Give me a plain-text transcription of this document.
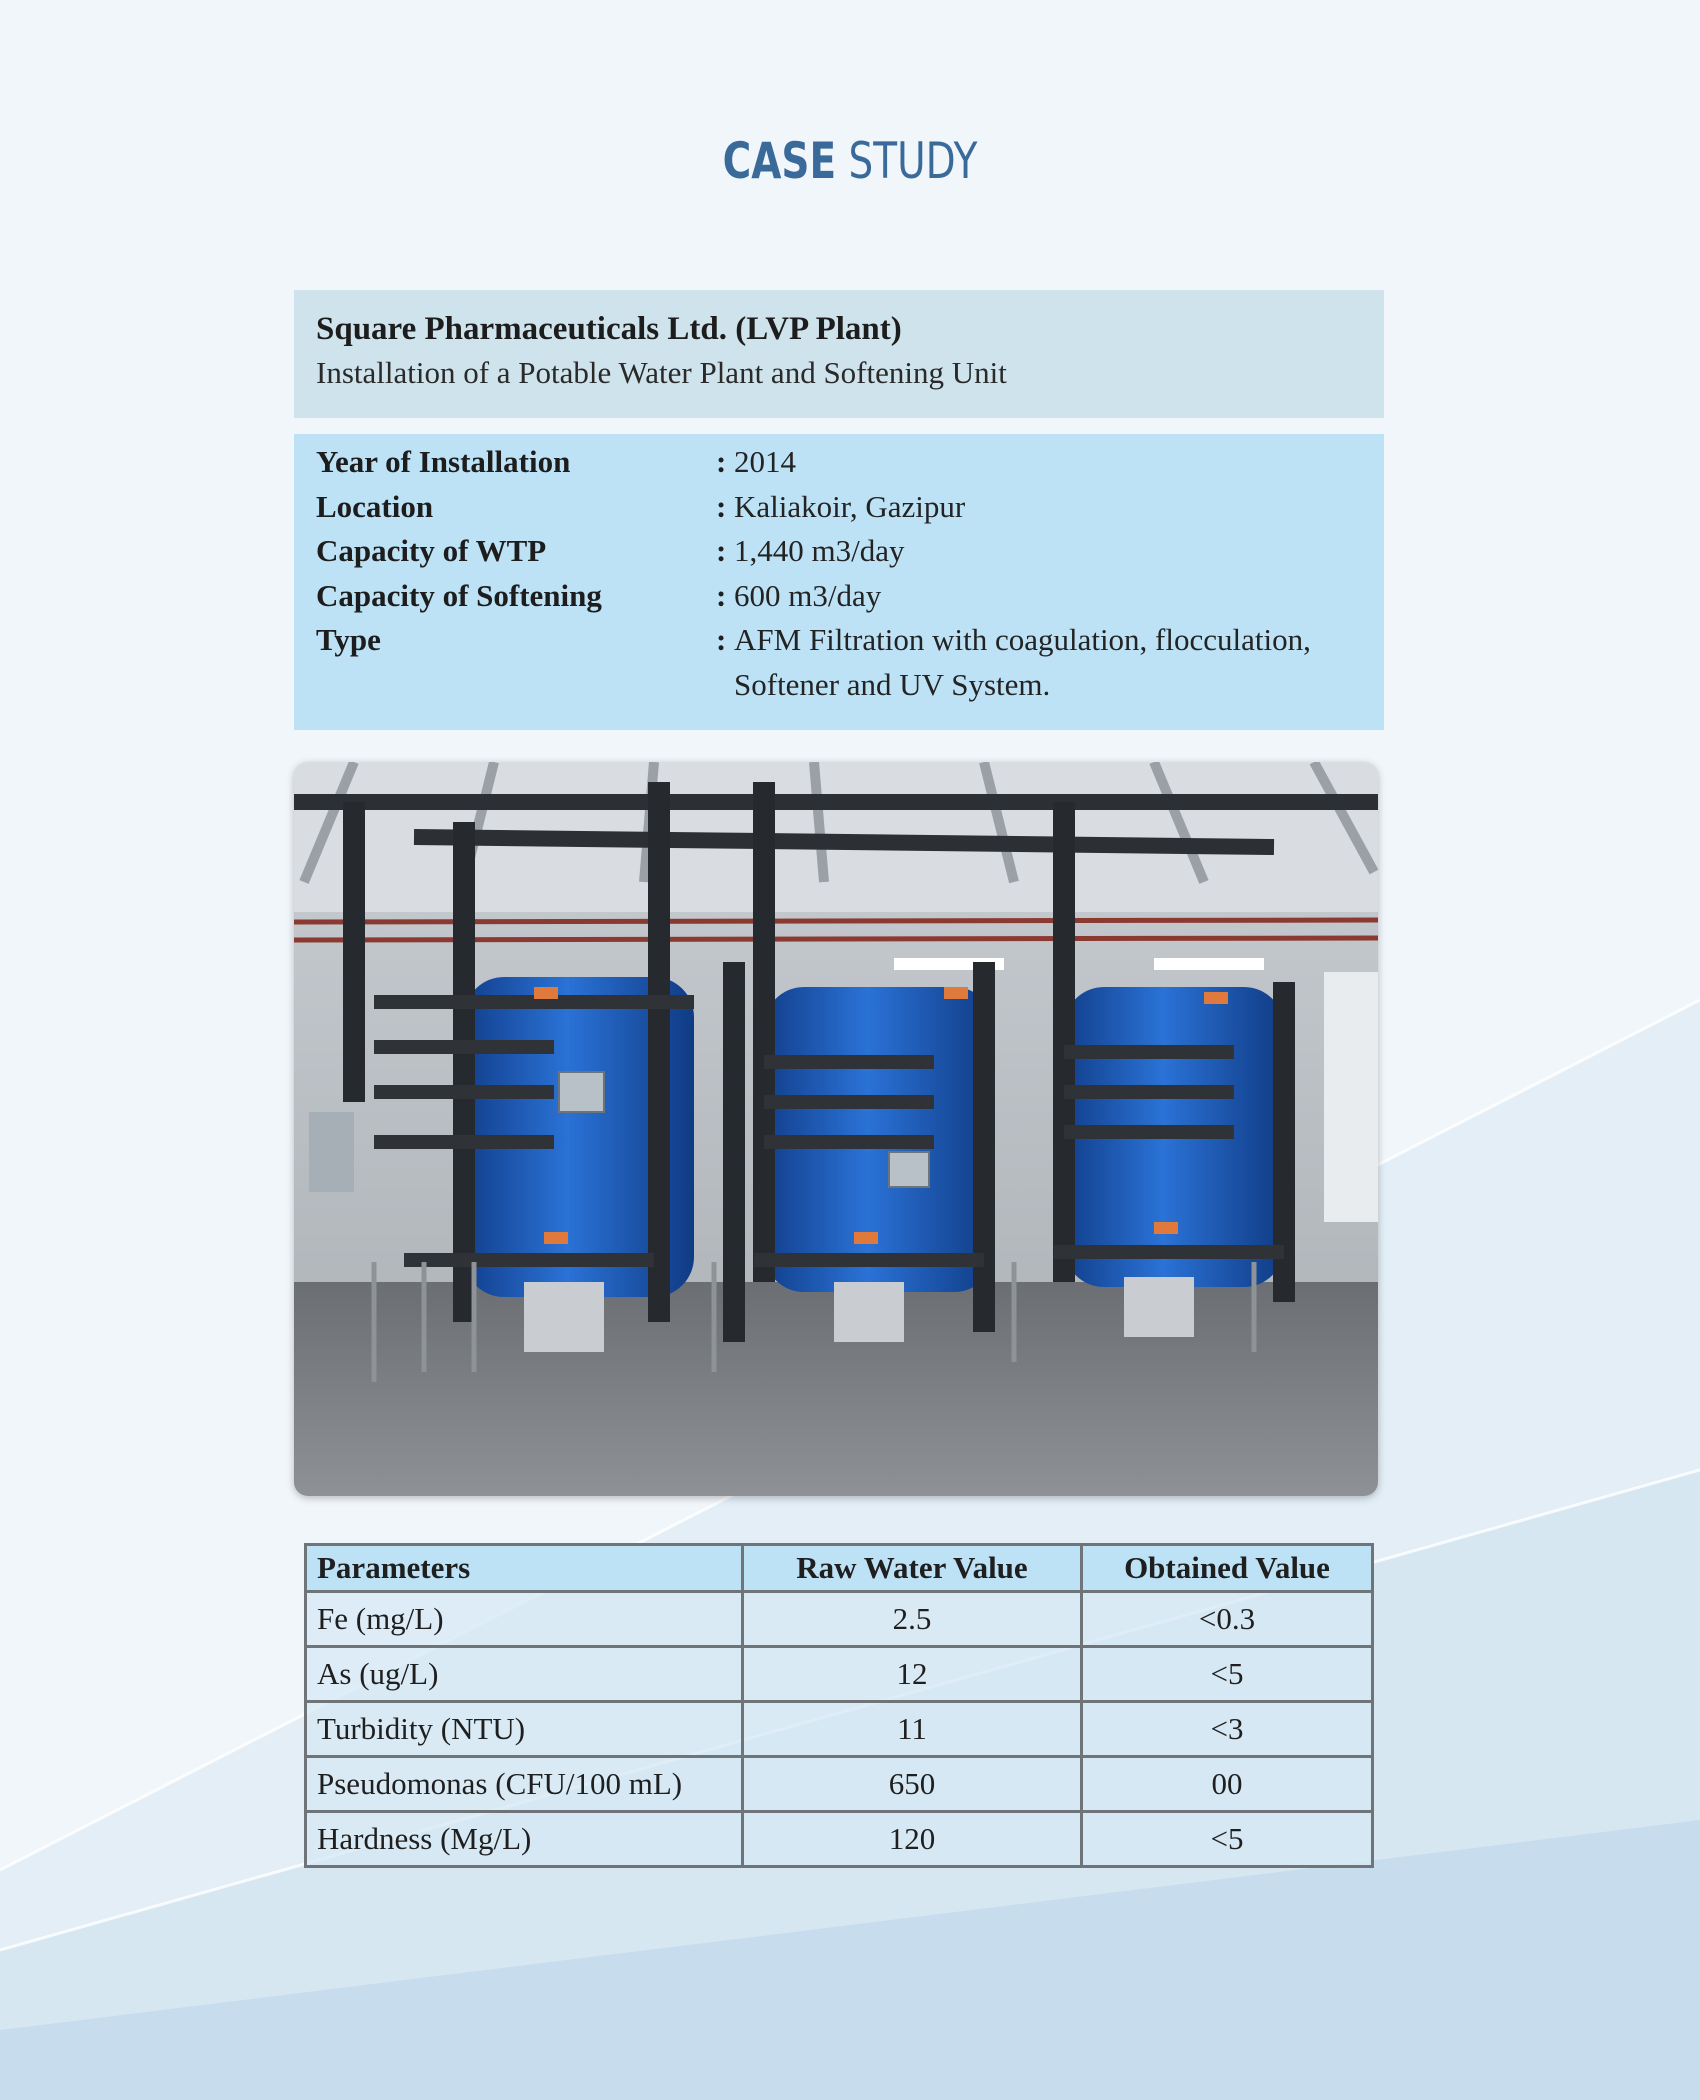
CASE STUDY
Square Pharmaceuticals Ltd. (LVP Plant)
Installation of a Potable Water Plant and Softening Unit
Year of Installation	: 2014
Location	: Kaliakoir, Gazipur
Capacity of WTP	: 1,440 m3/day
Capacity of Softening	: 600 m3/day
Type	: AFM Filtration with coagulation, flocculation,
Softener and UV System.
Parameters	Raw Water Value	Obtained Value
Fe (mg/L)	2.5	<0.3
As (ug/L)	12	<5
Turbidity (NTU)	11	<3
Pseudomonas (CFU/100 mL)	650	00
Hardness (Mg/L)	120	<5
